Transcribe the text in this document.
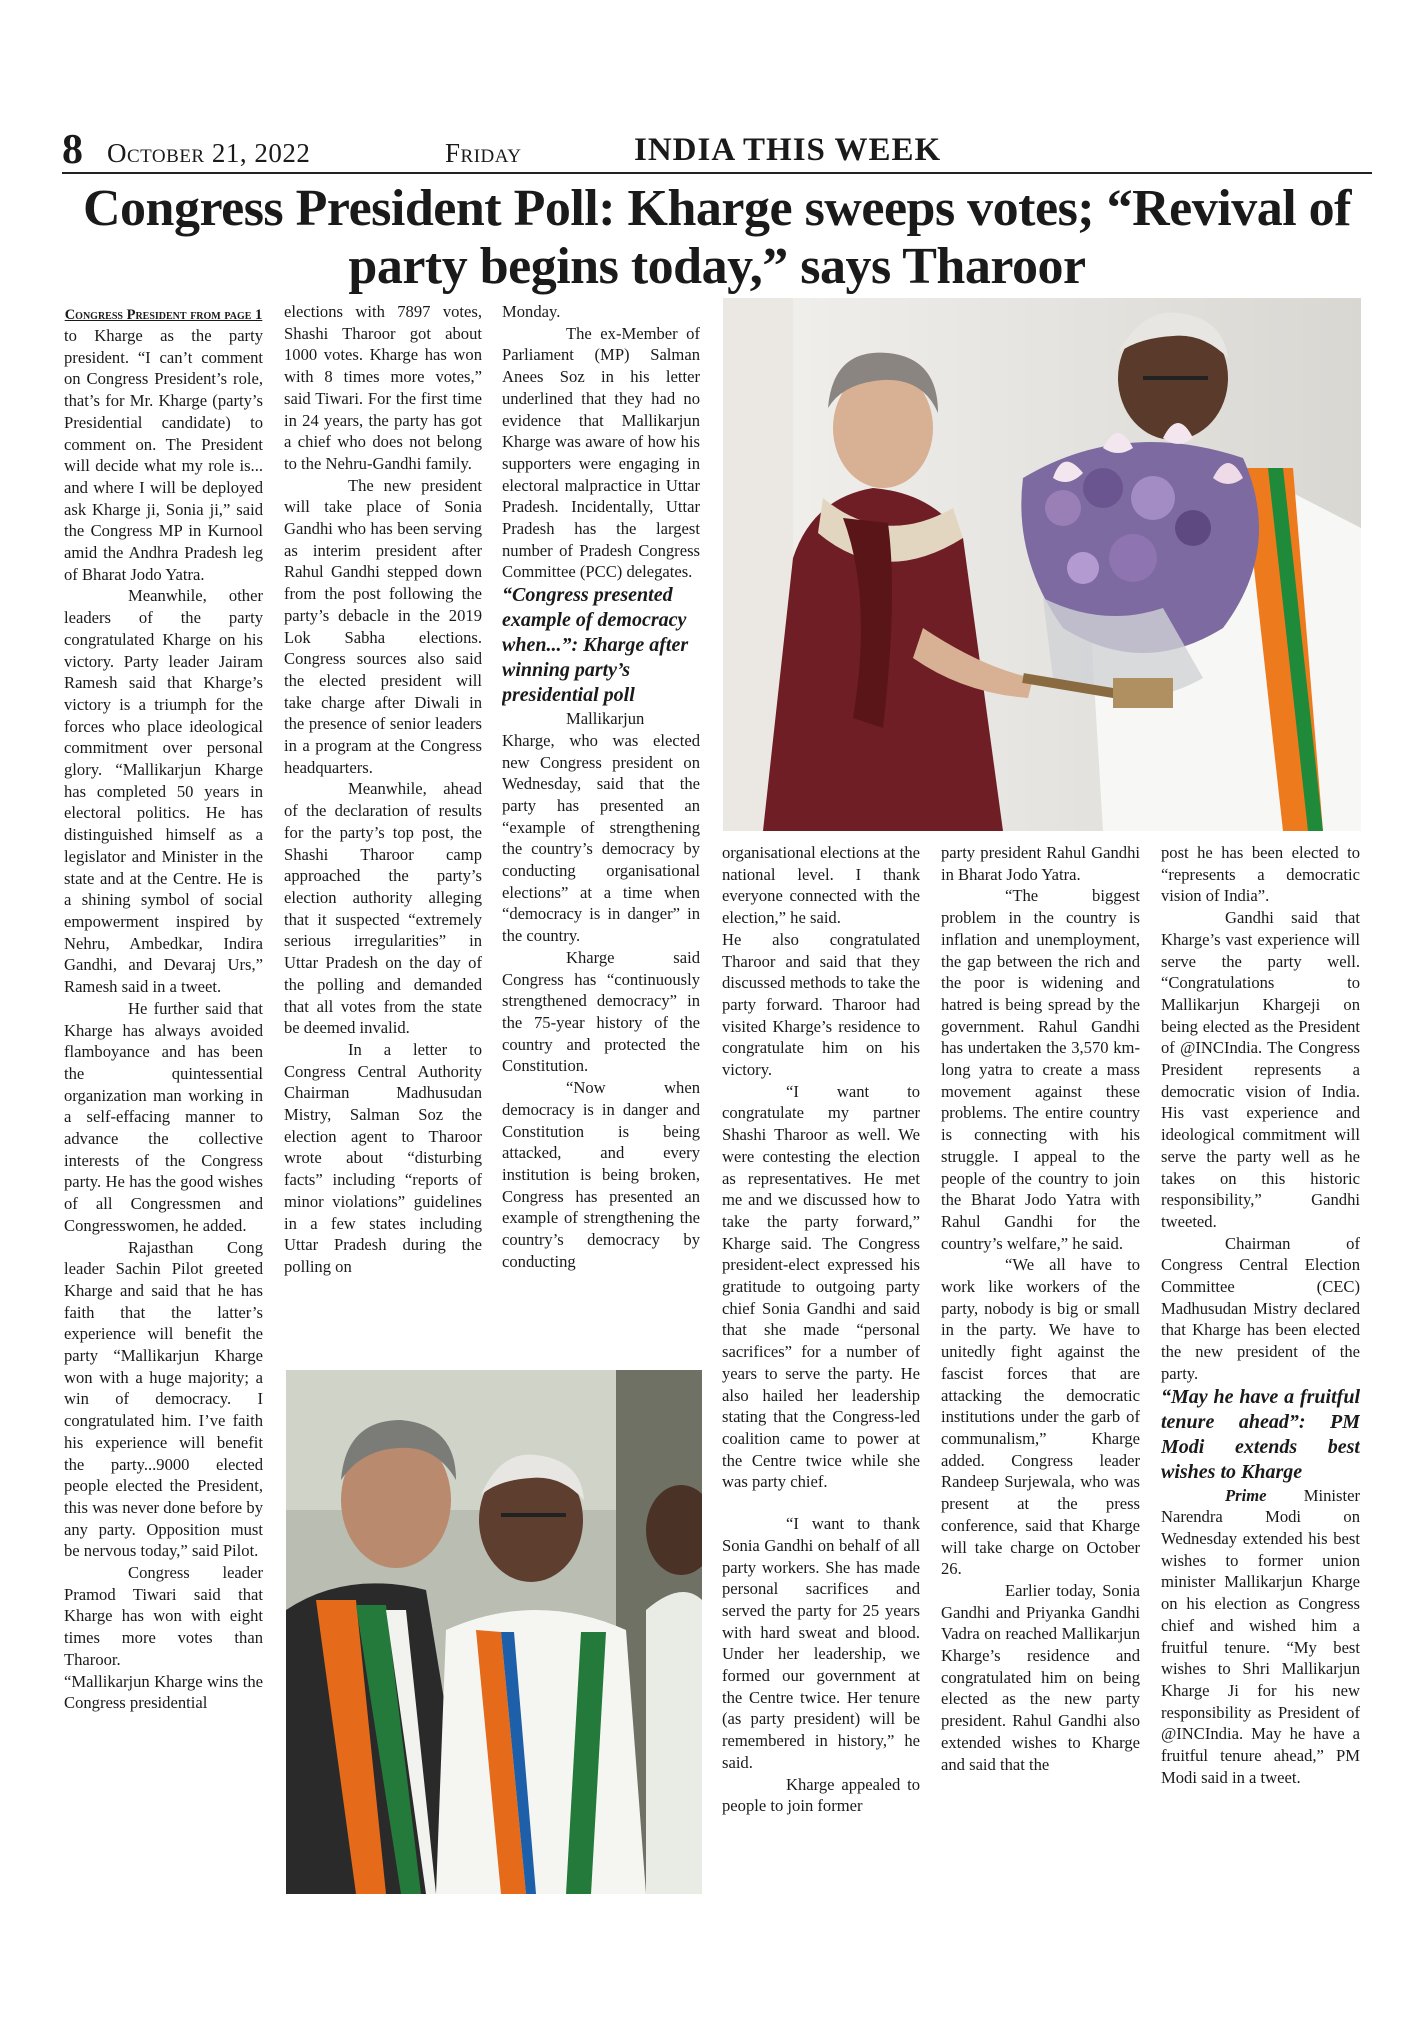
8 October 21, 2022	Friday	INDIA THIS WEEK
Congress President Poll: Kharge sweeps votes; “Revival of party begins today,” says Tharoor

Congress President from page 1

to Kharge as the party president. “I can’t comment on Congress President’s role, that’s for Mr. Kharge (party’s Presidential candidate) to comment on. The President will decide what my role is... and where I will be deployed ask Kharge ji, Sonia ji,” said the Congress MP in Kurnool amid the Andhra Pradesh leg of Bharat Jodo Yatra.

Meanwhile, other leaders of the party congratulated Kharge on his victory. Party leader Jairam Ramesh said that Kharge’s victory is a triumph for the forces who place ideological commitment over personal glory. “Mallikarjun Kharge has completed 50 years in electoral politics. He has distinguished himself as a legislator and Minister in the state and at the Centre. He is a shining symbol of social empowerment inspired by Nehru, Ambedkar, Indira Gandhi, and Devaraj Urs,” Ramesh said in a tweet.

He further said that Kharge has always avoided flamboyance and has been the quintessential organization man working in a self-effacing manner to advance the collective interests of the Congress party. He has the good wishes of all Congressmen and Congresswomen, he added.

Rajasthan Cong leader Sachin Pilot greeted Kharge and said that he has faith that the latter’s experience will benefit the party “Mallikarjun Kharge won with a huge majority; a win of democracy. I congratulated him. I’ve faith his experience will benefit the party...9000 elected people elected the President, this was never done before by any party. Opposition must be nervous today,” said Pilot.

Congress leader Pramod Tiwari said that Kharge has won with eight times more votes than Tharoor.

“Mallikarjun Kharge wins the Congress presidential

elections with 7897 votes, Shashi Tharoor got about 1000 votes. Kharge has won with 8 times more votes,” said Tiwari. For the first time in 24 years, the party has got a chief who does not belong to the Nehru-Gandhi family.

The new president will take place of Sonia Gandhi who has been serving as interim president after Rahul Gandhi stepped down from the post following the party’s debacle in the 2019 Lok Sabha elections. Congress sources also said the elected president will take charge after Diwali in the presence of senior leaders in a program at the Congress headquarters.

Meanwhile, ahead of the declaration of results for the party’s top post, the Shashi Tharoor camp approached the party’s election authority alleging that it suspected “extremely serious irregularities” in Uttar Pradesh on the day of the polling and demanded that all votes from the state be deemed invalid.

In a letter to Congress Central Authority Chairman Madhusudan Mistry, Salman Soz the election agent to Tharoor wrote about “disturbing facts” including “reports of minor violations” guidelines in a few states including Uttar Pradesh during the polling on

Monday.

The ex-Member of Parliament (MP) Salman Anees Soz in his letter underlined that they had no evidence that Mallikarjun Kharge was aware of how his supporters were engaging in electoral malpractice in Uttar Pradesh. Incidentally, Uttar Pradesh has the largest number of Pradesh Congress Committee (PCC) delegates.

“Congress presented example of democracy when...”: Kharge after winning party’s presidential poll

Mallikarjun Kharge, who was elected new Congress president on Wednesday, said that the party has presented an “example of strengthening the country’s democracy by conducting organisational elections” at a time when “democracy is in danger” in the country.

Kharge said Congress has “continuously strengthened democracy” in the 75-year history of the country and protected the Constitution.

“Now when democracy is in danger and Constitution is being attacked, and every institution is being broken, Congress has presented an example of strengthening the country’s democracy by conducting

organisational elections at the national level. I thank everyone connected with the election,” he said.

He also congratulated Tharoor and said that they discussed methods to take the party forward. Tharoor had visited Kharge’s residence to congratulate him on his victory.

“I want to congratulate my partner Shashi Tharoor as well. We were contesting the election as representatives. He met me and we discussed how to take the party forward,” Kharge said. The Congress president-elect expressed his gratitude to outgoing party chief Sonia Gandhi and said that she made “personal sacrifices” for a number of years to serve the party. He also hailed her leadership stating that the Congress-led coalition came to power at the Centre twice while she was party chief.

“I want to thank Sonia Gandhi on behalf of all party workers. She has made personal sacrifices and served the party for 25 years with hard sweat and blood. Under her leadership, we formed our government at the Centre twice. Her tenure (as party president) will be remembered in history,” he said.

Kharge appealed to people to join former

party president Rahul Gandhi in Bharat Jodo Yatra.

“The biggest problem in the country is inflation and unemployment, the gap between the rich and the poor is widening and hatred is being spread by the government. Rahul Gandhi has undertaken the 3,570 km-long yatra to create a mass movement against these problems. The entire country is connecting with his struggle. I appeal to the people of the country to join the Bharat Jodo Yatra with Rahul Gandhi for the country’s welfare,” he said.

“We all have to work like workers of the party, nobody is big or small in the party. We have to unitedly fight against the fascist forces that are attacking the democratic institutions under the garb of communalism,” Kharge added. Congress leader Randeep Surjewala, who was present at the press conference, said that Kharge will take charge on October 26.

Earlier today, Sonia Gandhi and Priyanka Gandhi Vadra on reached Mallikarjun Kharge’s residence and congratulated him on being elected as the new party president. Rahul Gandhi also extended wishes to Kharge and said that the

post he has been elected to “represents a democratic vision of India”.

Gandhi said that Kharge’s vast experience will serve the party well. “Congratulations to Mallikarjun Khargeji on being elected as the President of @INCIndia. The Congress President represents a democratic vision of India. His vast experience and ideological commitment will serve the party well as he takes on this historic responsibility,” Gandhi tweeted.

Chairman of Congress Central Election Committee (CEC) Madhusudan Mistry declared that Kharge has been elected the new president of the party.

“May he have a fruitful tenure ahead”: PM Modi extends best wishes to Kharge

Prime Minister Narendra Modi on Wednesday extended his best wishes to former union minister Mallikarjun Kharge on his election as Congress chief and wished him a fruitful tenure. “My best wishes to Shri Mallikarjun Kharge Ji for his new responsibility as President of @INCIndia. May he have a fruitful tenure ahead,” PM Modi said in a tweet.
